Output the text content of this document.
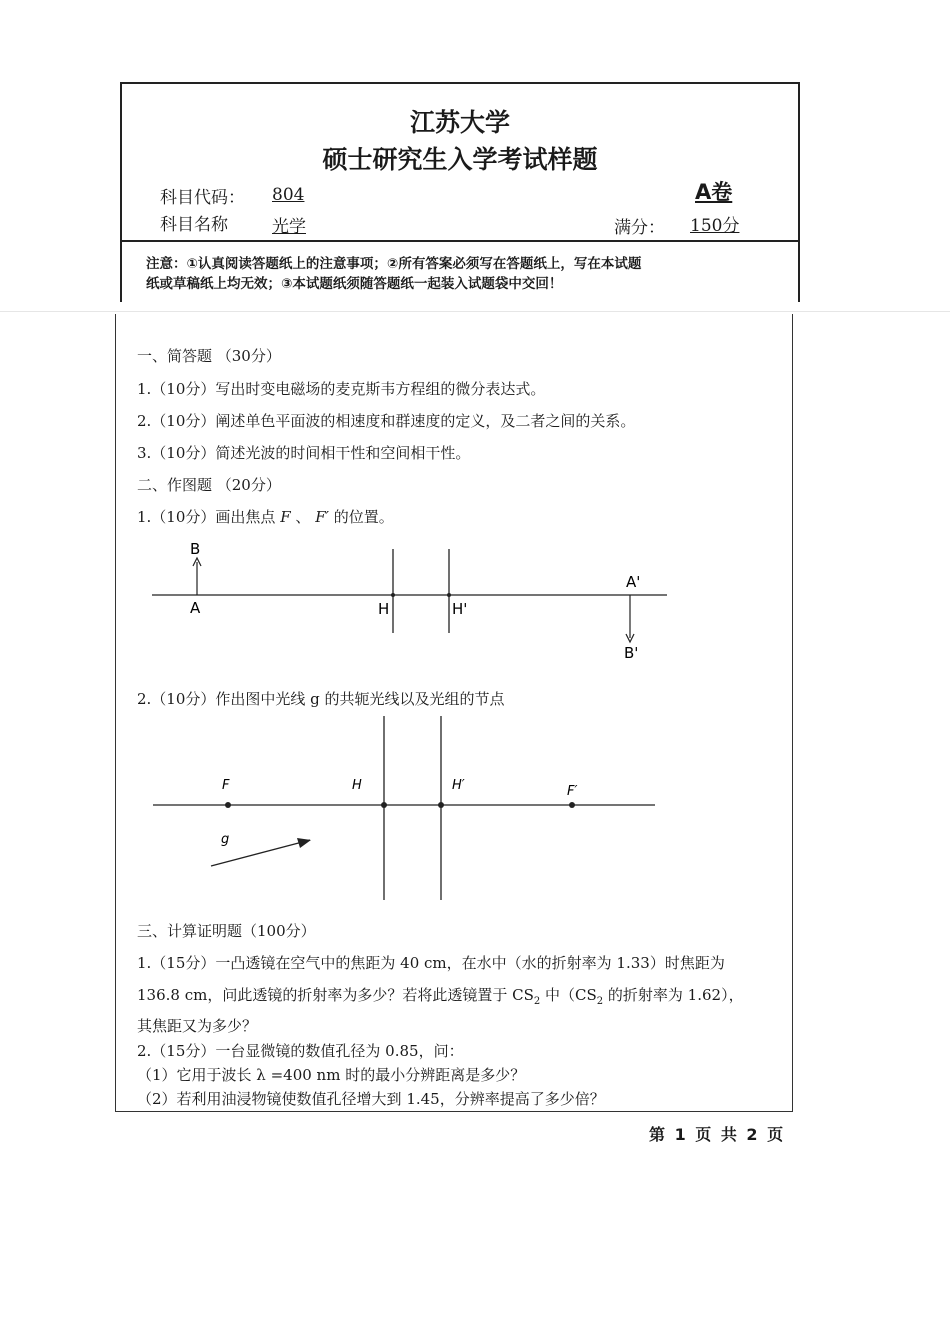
江苏大学
硕士研究生入学考试样题
科目代码： 804	A卷
科目名称	光学	满分： 150分
注意：①认真阅读答题纸上的注意事项；②所有答案必须写在答题纸上，写在本试题
纸或草稿纸上均无效；③本试题纸须随答题纸一起装入试题袋中交回！
一、简答题 （30分）
1.（10分）写出时变电磁场的麦克斯韦方程组的微分表达式。
2.（10分）阐述单色平面波的相速度和群速度的定义，及二者之间的关系。
3.（10分）简述光波的时间相干性和空间相干性。
二、作图题 （20分）
1.（10分）画出焦点 F 、 F′ 的位置。
B
A	H	H'
A'
B'
2.（10分）作出图中光线 g 的共轭光线以及光组的节点
F	H	H′	F′
g
三、计算证明题（100分）
1.（15分）一凸透镜在空气中的焦距为 40 cm，在水中（水的折射率为 1.33）时焦距为
136.8 cm，问此透镜的折射率为多少？若将此透镜置于 $CS_2$ 中（$CS_2$ 的折射率为 1.62），
其焦距又为多少？
2.（15分）一台显微镜的数值孔径为 0.85，问：
（1）它用于波长 λ =400 nm 时的最小分辨距离是多少？
（2）若利用油浸物镜使数值孔径增大到 1.45，分辨率提高了多少倍？
第 1 页 共 2 页
